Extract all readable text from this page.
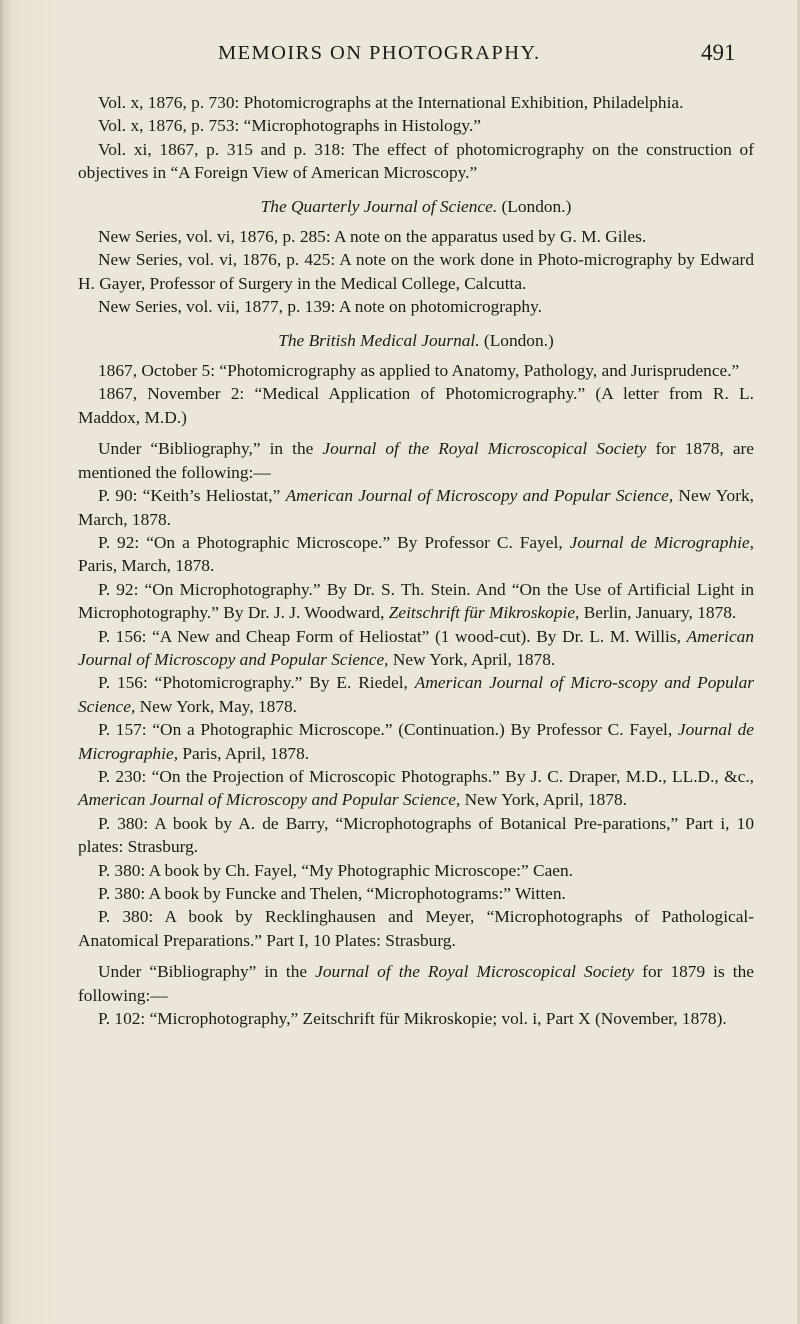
MEMOIRS ON PHOTOGRAPHY.	491

Vol. x, 1876, p. 730: Photomicrographs at the International Exhibition, Philadelphia.

Vol. x, 1876, p. 753: “Microphotographs in Histology.”

Vol. xi, 1867, p. 315 and p. 318: The effect of photomicrography on the construction of objectives in “A Foreign View of American Microscopy.”

The Quarterly Journal of Science. (London.)

New Series, vol. vi, 1876, p. 285: A note on the apparatus used by G. M. Giles.

New Series, vol. vi, 1876, p. 425: A note on the work done in Photo-micrography by Edward H. Gayer, Professor of Surgery in the Medical College, Calcutta.

New Series, vol. vii, 1877, p. 139: A note on photomicrography.

The British Medical Journal. (London.)

1867, October 5: “Photomicrography as applied to Anatomy, Pathology, and Jurisprudence.”

1867, November 2: “Medical Application of Photomicrography.” (A letter from R. L. Maddox, M.D.)

Under “Bibliography,” in the Journal of the Royal Microscopical Society for 1878, are mentioned the following:—

P. 90: “Keith’s Heliostat,” American Journal of Microscopy and Popular Science, New York, March, 1878.

P. 92: “On a Photographic Microscope.” By Professor C. Fayel, Journal de Micrographie, Paris, March, 1878.

P. 92: “On Microphotography.” By Dr. S. Th. Stein. And “On the Use of Artificial Light in Microphotography.” By Dr. J. J. Woodward, Zeitschrift für Mikroskopie, Berlin, January, 1878.

P. 156: “A New and Cheap Form of Heliostat” (1 wood-cut). By Dr. L. M. Willis, American Journal of Microscopy and Popular Science, New York, April, 1878.

P. 156: “Photomicrography.” By E. Riedel, American Journal of Micro-scopy and Popular Science, New York, May, 1878.

P. 157: “On a Photographic Microscope.” (Continuation.) By Professor C. Fayel, Journal de Micrographie, Paris, April, 1878.

P. 230: “On the Projection of Microscopic Photographs.” By J. C. Draper, M.D., LL.D., &c., American Journal of Microscopy and Popular Science, New York, April, 1878.

P. 380: A book by A. de Barry, “Microphotographs of Botanical Pre-parations,” Part i, 10 plates: Strasburg.

P. 380: A book by Ch. Fayel, “My Photographic Microscope:” Caen.

P. 380: A book by Funcke and Thelen, “Microphotograms:” Witten.

P. 380: A book by Recklinghausen and Meyer, “Microphotographs of Pathological-Anatomical Preparations.” Part I, 10 Plates: Strasburg.

Under “Bibliography” in the Journal of the Royal Microscopical Society for 1879 is the following:—

P. 102: “Microphotography,” Zeitschrift für Mikroskopie; vol. i, Part X (November, 1878).
